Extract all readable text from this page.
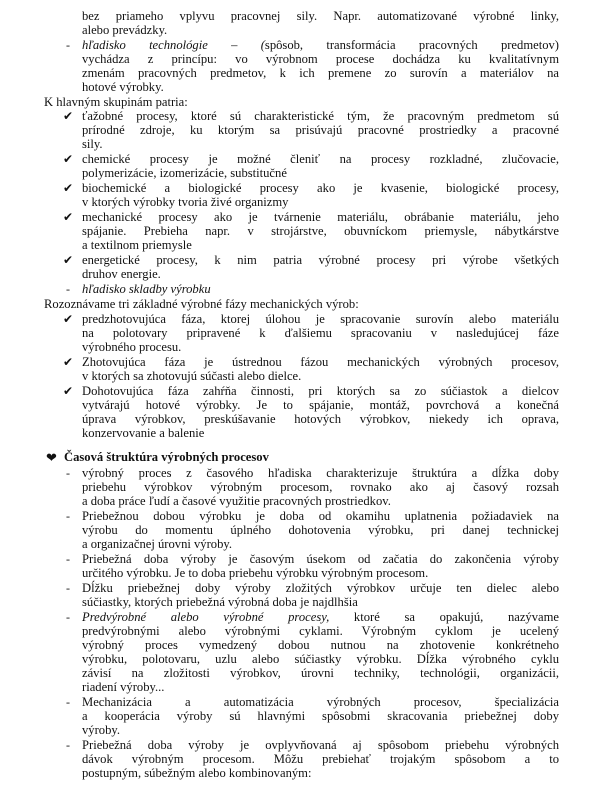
bez priameho vplyvu pracovnej sily. Napr. automatizované výrobné linky,
alebo prevádzky.
- hľadisko technológie – (spôsob, transformácia pracovných predmetov)
vychádza z princípu: vo výrobnom procese dochádza ku kvalitatívnym
zmenám pracovných predmetov, k ich premene zo surovín a materiálov na
hotové výrobky.
K hlavným skupinám patria:
✔ ťažobné procesy, ktoré sú charakteristické tým, že pracovným predmetom sú
prírodné zdroje, ku ktorým sa prisúvajú pracovné prostriedky a pracovné
sily.
✔ chemické procesy je možné členiť na procesy rozkladné, zlučovacie,
polymerizácie, izomerizácie, substitučné
✔ biochemické a biologické procesy ako je kvasenie, biologické procesy,
v ktorých výrobky tvoria živé organizmy
✔ mechanické procesy ako je tvárnenie materiálu, obrábanie materiálu, jeho
spájanie. Prebieha napr. v strojárstve, obuvníckom priemysle, nábytkárstve
a textilnom priemysle
✔ energetické procesy, k nim patria výrobné procesy pri výrobe všetkých
druhov energie.
- hľadisko skladby výrobku
Rozoznávame tri základné výrobné fázy mechanických výrob:
✔ predzhotovujúca fáza, ktorej úlohou je spracovanie surovín alebo materiálu
na polotovary pripravené k ďalšiemu spracovaniu v nasledujúcej fáze
výrobného procesu.
✔ Zhotovujúca fáza je ústrednou fázou mechanických výrobných procesov,
v ktorých sa zhotovujú súčasti alebo dielce.
✔ Dohotovujúca fáza zahŕňa činnosti, pri ktorých sa zo súčiastok a dielcov
vytvárajú hotové výrobky. Je to spájanie, montáž, povrchová a konečná
úprava výrobkov, preskúšavanie hotových výrobkov, niekedy ich oprava,
konzervovanie a balenie
❤ Časová štruktúra výrobných procesov
- výrobný proces z časového hľadiska charakterizuje štruktúra a dĺžka doby
priebehu výrobkov výrobným procesom, rovnako ako aj časový rozsah
a doba práce ľudí a časové využitie pracovných prostriedkov.
- Priebežnou dobou výrobku je doba od okamihu uplatnenia požiadaviek na
výrobu do momentu úplného dohotovenia výrobku, pri danej technickej
a organizačnej úrovni výroby.
- Priebežná doba výroby je časovým úsekom od začatia do zakončenia výroby
určitého výrobku. Je to doba priebehu výrobku výrobným procesom.
- Dĺžku priebežnej doby výroby zložitých výrobkov určuje ten dielec alebo
súčiastky, ktorých priebežná výrobná doba je najdlhšia
- Predvýrobné alebo výrobné procesy, ktoré sa opakujú, nazývame
predvýrobnými alebo výrobnými cyklami. Výrobným cyklom je ucelený
výrobný proces vymedzený dobou nutnou na zhotovenie konkrétneho
výrobku, polotovaru, uzlu alebo súčiastky výrobku. Dĺžka výrobného cyklu
závisí na zložitosti výrobkov, úrovni techniky, technológii, organizácii,
riadení výroby...
- Mechanizácia a automatizácia výrobných procesov, špecializácia
a kooperácia výroby sú hlavnými spôsobmi skracovania priebežnej doby
výroby.
- Priebežná doba výroby je ovplyvňovaná aj spôsobom priebehu výrobných
dávok výrobným procesom. Môžu prebiehať trojakým spôsobom a to
postupným, súbežným alebo kombinovaným:
